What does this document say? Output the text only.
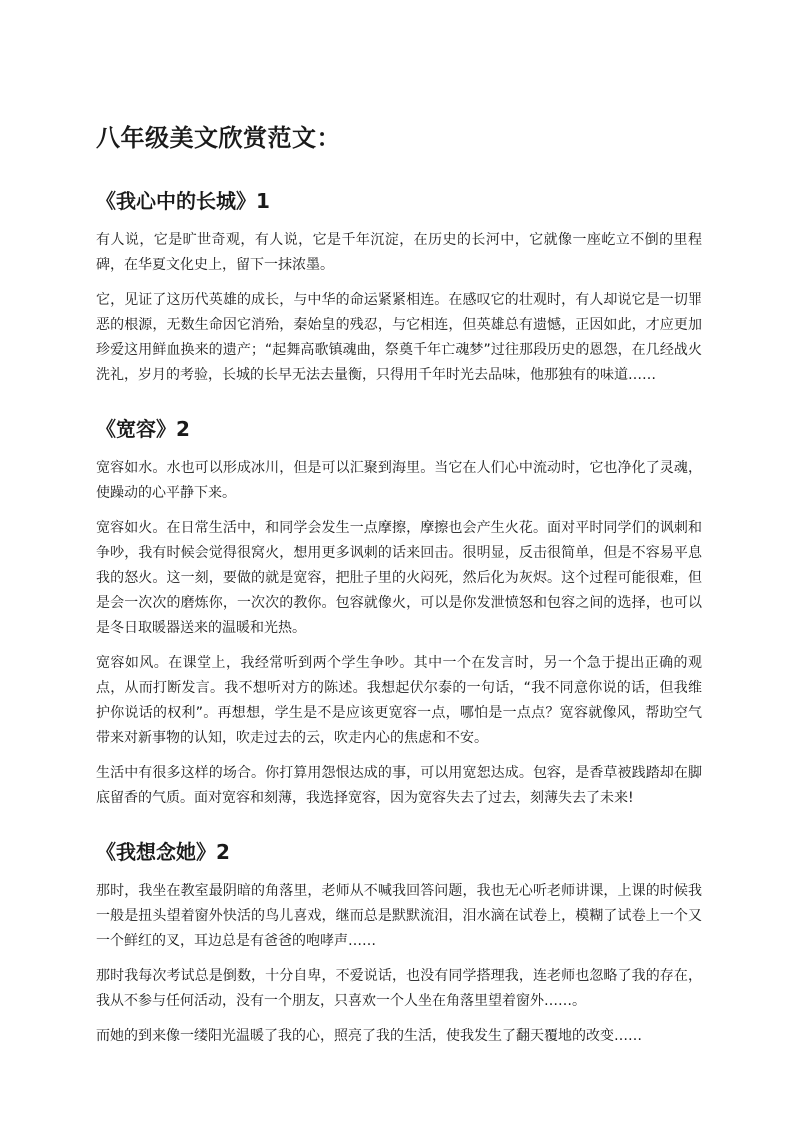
八年级美文欣赏范文：
《我心中的长城》1

有人说，它是旷世奇观，有人说，它是千年沉淀，在历史的长河中，它就像一座屹立不倒的里程碑，在华夏文化史上，留下一抹浓墨。

它，见证了这历代英雄的成长，与中华的命运紧紧相连。在感叹它的壮观时，有人却说它是一切罪恶的根源，无数生命因它消殆，秦始皇的残忍，与它相连，但英雄总有遗憾，正因如此，才应更加珍爱这用鲜血换来的遗产；“起舞高歌镇魂曲，祭奠千年亡魂梦”过往那段历史的恩怨，在几经战火洗礼，岁月的考验，长城的长早无法去量衡，只得用千年时光去品味，他那独有的味道……

《宽容》2

宽容如水。水也可以形成冰川，但是可以汇聚到海里。当它在人们心中流动时，它也净化了灵魂，使躁动的心平静下来。

宽容如火。在日常生活中，和同学会发生一点摩擦，摩擦也会产生火花。面对平时同学们的讽刺和争吵，我有时候会觉得很窝火，想用更多讽刺的话来回击。很明显，反击很简单，但是不容易平息我的怒火。这一刻，要做的就是宽容，把肚子里的火闷死，然后化为灰烬。这个过程可能很难，但是会一次次的磨炼你，一次次的教你。包容就像火，可以是你发泄愤怒和包容之间的选择，也可以是冬日取暖器送来的温暖和光热。

宽容如风。在课堂上，我经常听到两个学生争吵。其中一个在发言时，另一个急于提出正确的观点，从而打断发言。我不想听对方的陈述。我想起伏尔泰的一句话，“我不同意你说的话，但我维护你说话的权利”。再想想，学生是不是应该更宽容一点，哪怕是一点点？宽容就像风，帮助空气带来对新事物的认知，吹走过去的云，吹走内心的焦虑和不安。

生活中有很多这样的场合。你打算用怨恨达成的事，可以用宽恕达成。包容，是香草被践踏却在脚底留香的气质。面对宽容和刻薄，我选择宽容，因为宽容失去了过去，刻薄失去了未来!

《我想念她》2

那时，我坐在教室最阴暗的角落里，老师从不喊我回答问题，我也无心听老师讲课，上课的时候我一般是扭头望着窗外快活的鸟儿喜戏，继而总是默默流泪，泪水滴在试卷上，模糊了试卷上一个又一个鲜红的叉，耳边总是有爸爸的咆哮声……

那时我每次考试总是倒数，十分自卑，不爱说话，也没有同学搭理我，连老师也忽略了我的存在，我从不参与任何活动，没有一个朋友，只喜欢一个人坐在角落里望着窗外……。

而她的到来像一缕阳光温暖了我的心，照亮了我的生活，使我发生了翻天覆地的改变……
